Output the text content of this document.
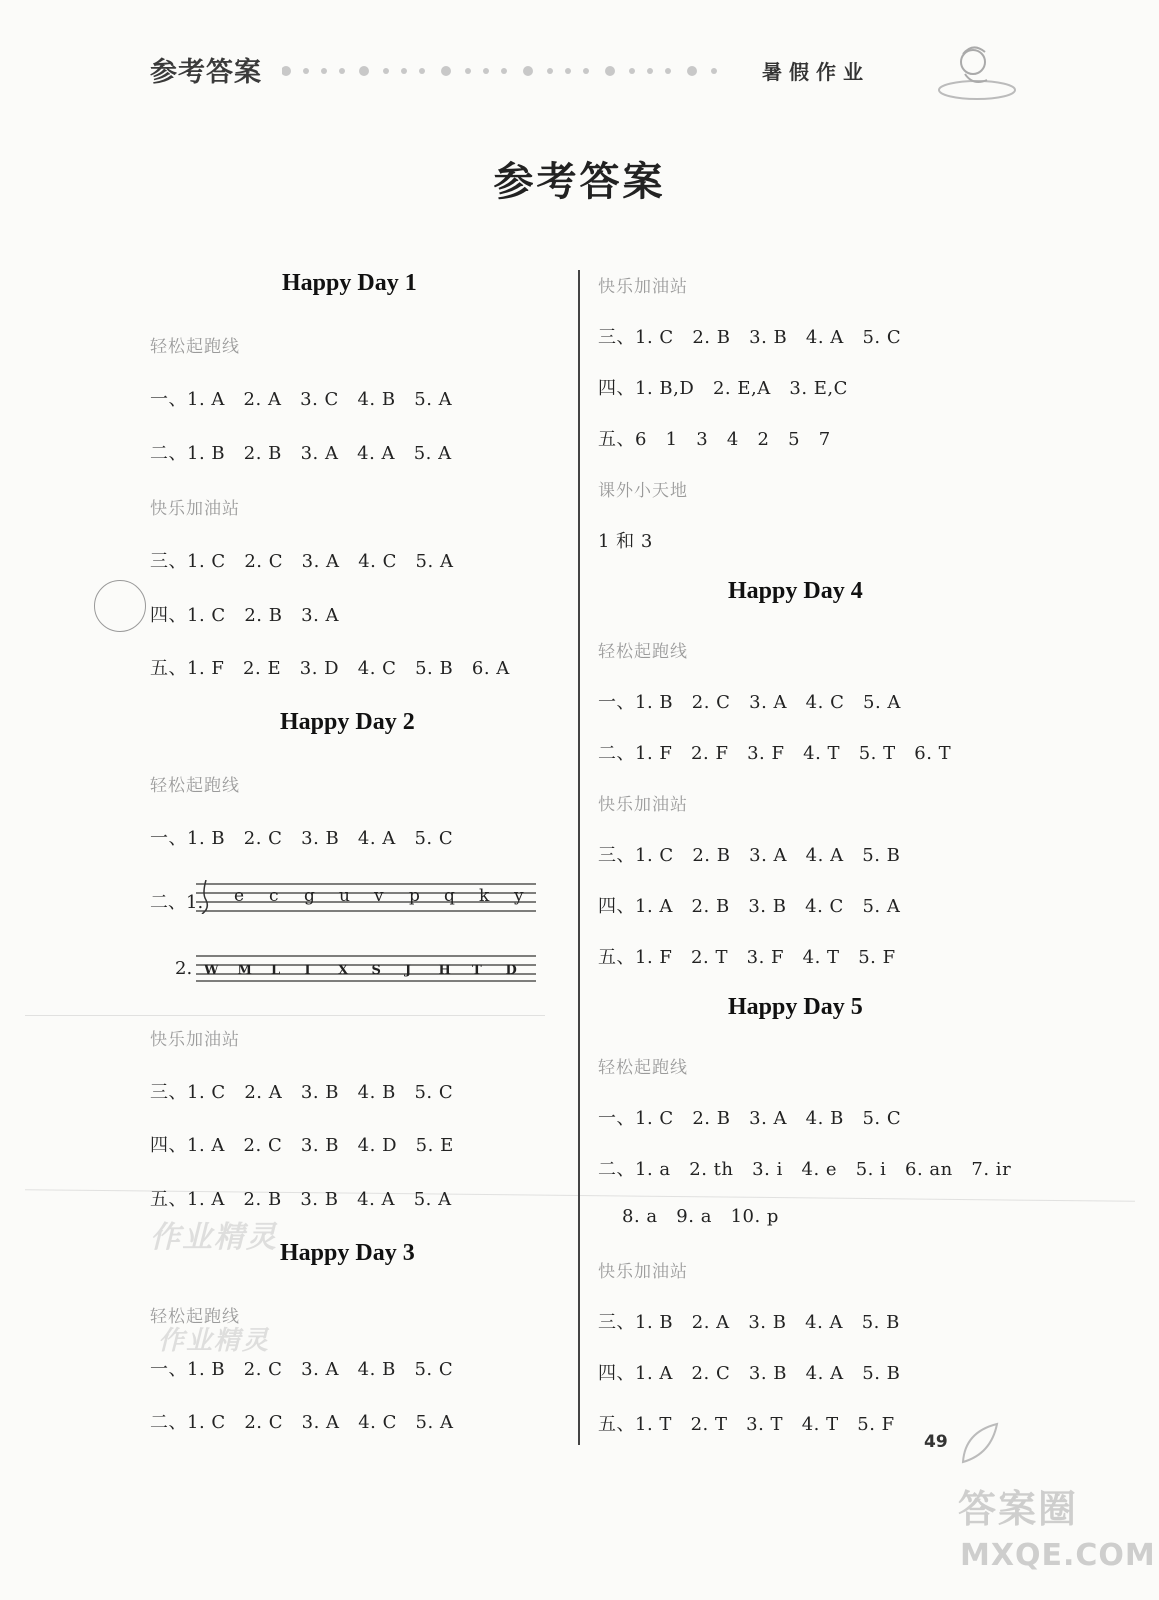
参考答案	暑假作业
参考答案
Happy Day 1
轻松起跑线
一、1. A   2. A   3. C   4. B   5. A
二、1. B   2. B   3. A   4. A   5. A
快乐加油站
三、1. C   2. C   3. A   4. C   5. A
四、1. C   2. B   3. A
五、1. F   2. E   3. D   4. C   5. B   6. A
Happy Day 2
轻松起跑线
一、1. B   2. C   3. B   4. A   5. C
二、1. e c g u v p q k y
2. W M L I X S J H T D
快乐加油站
三、1. C   2. A   3. B   4. B   5. C
四、1. A   2. C   3. B   4. D   5. E
五、1. A   2. B   3. B   4. A   5. A
Happy Day 3
轻松起跑线
一、1. B   2. C   3. A   4. B   5. C
二、1. C   2. C   3. A   4. C   5. A
快乐加油站
三、1. C   2. B   3. B   4. A   5. C
四、1. B,D   2. E,A   3. E,C
五、6   1   3   4   2   5   7
课外小天地
1 和 3
Happy Day 4
轻松起跑线
一、1. B   2. C   3. A   4. C   5. A
二、1. F   2. F   3. F   4. T   5. T   6. T
快乐加油站
三、1. C   2. B   3. A   4. A   5. B
四、1. A   2. B   3. B   4. C   5. A
五、1. F   2. T   3. F   4. T   5. F
Happy Day 5
轻松起跑线
一、1. C   2. B   3. A   4. B   5. C
二、1. a   2. th   3. i   4. e   5. i   6. an   7. ir
8. a   9. a   10. p
快乐加油站
三、1. B   2. A   3. B   4. A   5. B
四、1. A   2. C   3. B   4. A   5. B
五、1. T   2. T   3. T   4. T   5. F
作业精灵
作业精灵
49
答案圈
MXQE.COM
